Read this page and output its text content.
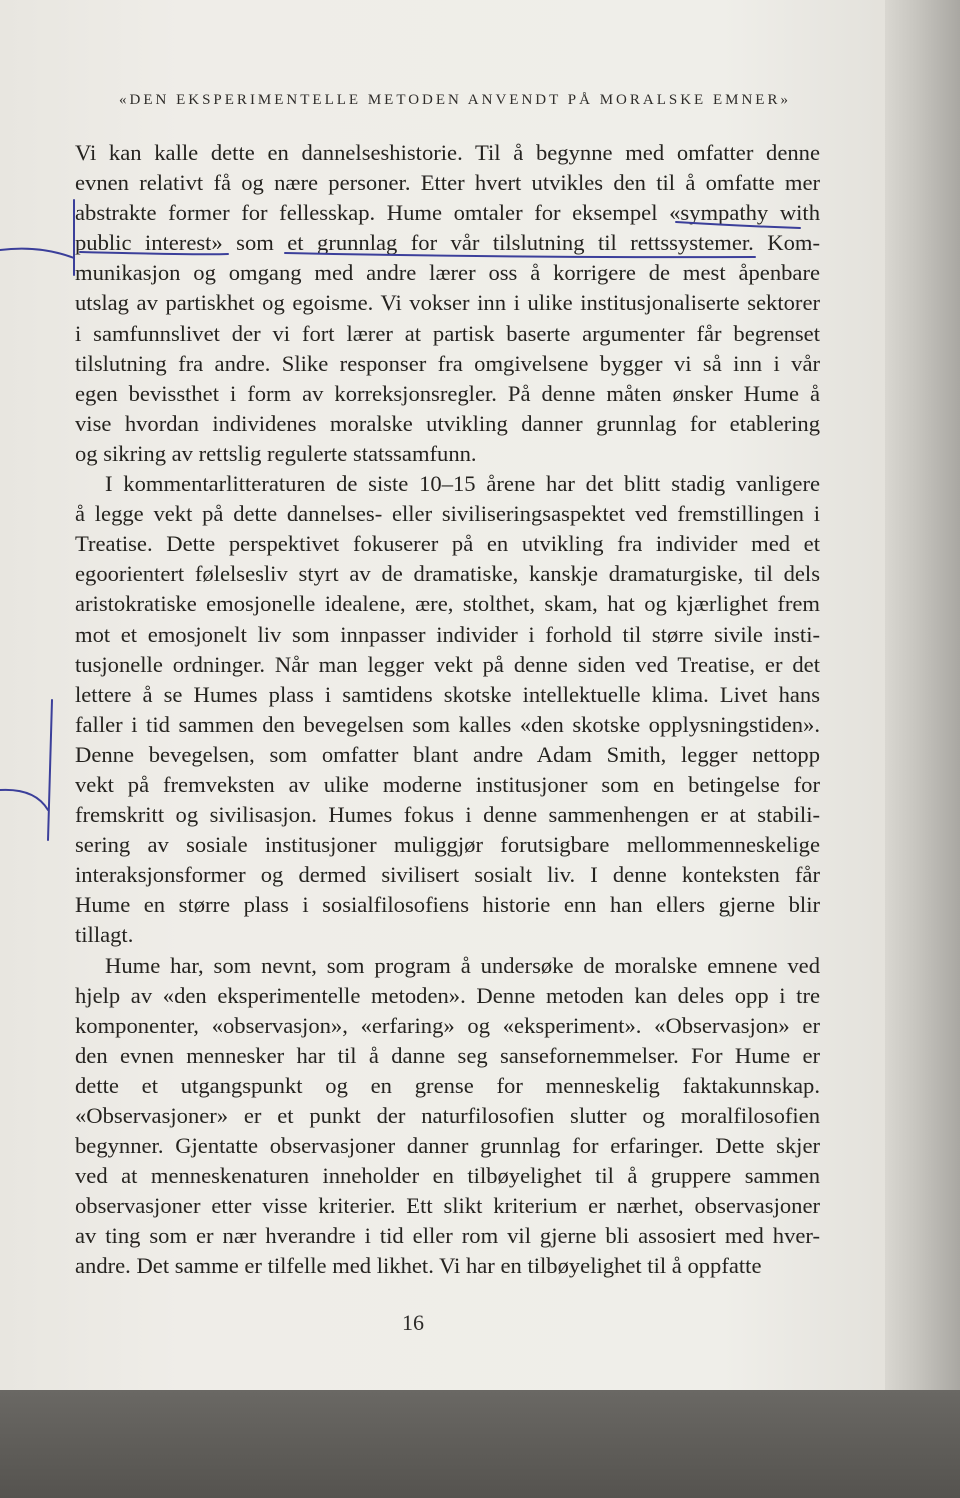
«DEN EKSPERIMENTELLE METODEN ANVENDT PÅ MORALSKE EMNER»
Vi kan kalle dette en dannelseshistorie. Til å begynne med omfatter denne
evnen relativt få og nære personer. Etter hvert utvikles den til å omfatte mer
abstrakte former for fellesskap. Hume omtaler for eksempel «sympathy with
public interest» som et grunnlag for vår tilslutning til rettssystemer. Kom-
munikasjon og omgang med andre lærer oss å korrigere de mest åpenbare
utslag av partiskhet og egoisme. Vi vokser inn i ulike institusjonaliserte sektorer
i samfunnslivet der vi fort lærer at partisk baserte argumenter får begrenset
tilslutning fra andre. Slike responser fra omgivelsene bygger vi så inn i vår
egen bevissthet i form av korreksjonsregler. På denne måten ønsker Hume å
vise hvordan individenes moralske utvikling danner grunnlag for etablering
og sikring av rettslig regulerte statssamfunn.
I kommentarlitteraturen de siste 10–15 årene har det blitt stadig vanligere
å legge vekt på dette dannelses- eller siviliseringsaspektet ved fremstillingen i
Treatise. Dette perspektivet fokuserer på en utvikling fra individer med et
egoorientert følelsesliv styrt av de dramatiske, kanskje dramaturgiske, til dels
aristokratiske emosjonelle idealene, ære, stolthet, skam, hat og kjærlighet frem
mot et emosjonelt liv som innpasser individer i forhold til større sivile insti-
tusjonelle ordninger. Når man legger vekt på denne siden ved Treatise, er det
lettere å se Humes plass i samtidens skotske intellektuelle klima. Livet hans
faller i tid sammen den bevegelsen som kalles «den skotske opplysningstiden».
Denne bevegelsen, som omfatter blant andre Adam Smith, legger nettopp
vekt på fremveksten av ulike moderne institusjoner som en betingelse for
fremskritt og sivilisasjon. Humes fokus i denne sammenhengen er at stabili-
sering av sosiale institusjoner muliggjør forutsigbare mellommenneskelige
interaksjonsformer og dermed sivilisert sosialt liv. I denne konteksten får
Hume en større plass i sosialfilosofiens historie enn han ellers gjerne blir
tillagt.
Hume har, som nevnt, som program å undersøke de moralske emnene ved
hjelp av «den eksperimentelle metoden». Denne metoden kan deles opp i tre
komponenter, «observasjon», «erfaring» og «eksperiment». «Observasjon» er
den evnen mennesker har til å danne seg sansefornemmelser. For Hume er
dette et utgangspunkt og en grense for menneskelig faktakunnskap.
«Observasjoner» er et punkt der naturfilosofien slutter og moralfilosofien
begynner. Gjentatte observasjoner danner grunnlag for erfaringer. Dette skjer
ved at menneskenaturen inneholder en tilbøyelighet til å gruppere sammen
observasjoner etter visse kriterier. Ett slikt kriterium er nærhet, observasjoner
av ting som er nær hverandre i tid eller rom vil gjerne bli assosiert med hver-
andre. Det samme er tilfelle med likhet. Vi har en tilbøyelighet til å oppfatte
16
